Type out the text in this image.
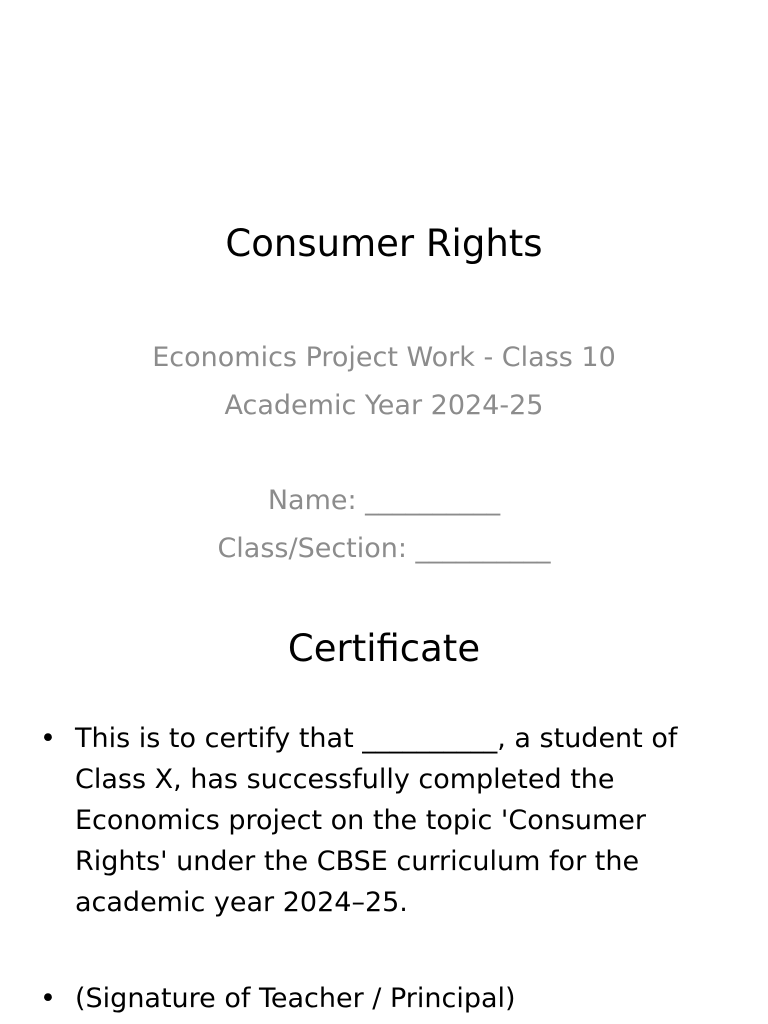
Consumer Rights
Economics Project Work - Class 10
Academic Year 2024-25
Name: __________
Class/Section: __________
Certificate
• This is to certify that __________, a student of Class X, has successfully completed the Economics project on the topic 'Consumer Rights' under the CBSE curriculum for the academic year 2024–25.
• (Signature of Teacher / Principal)
